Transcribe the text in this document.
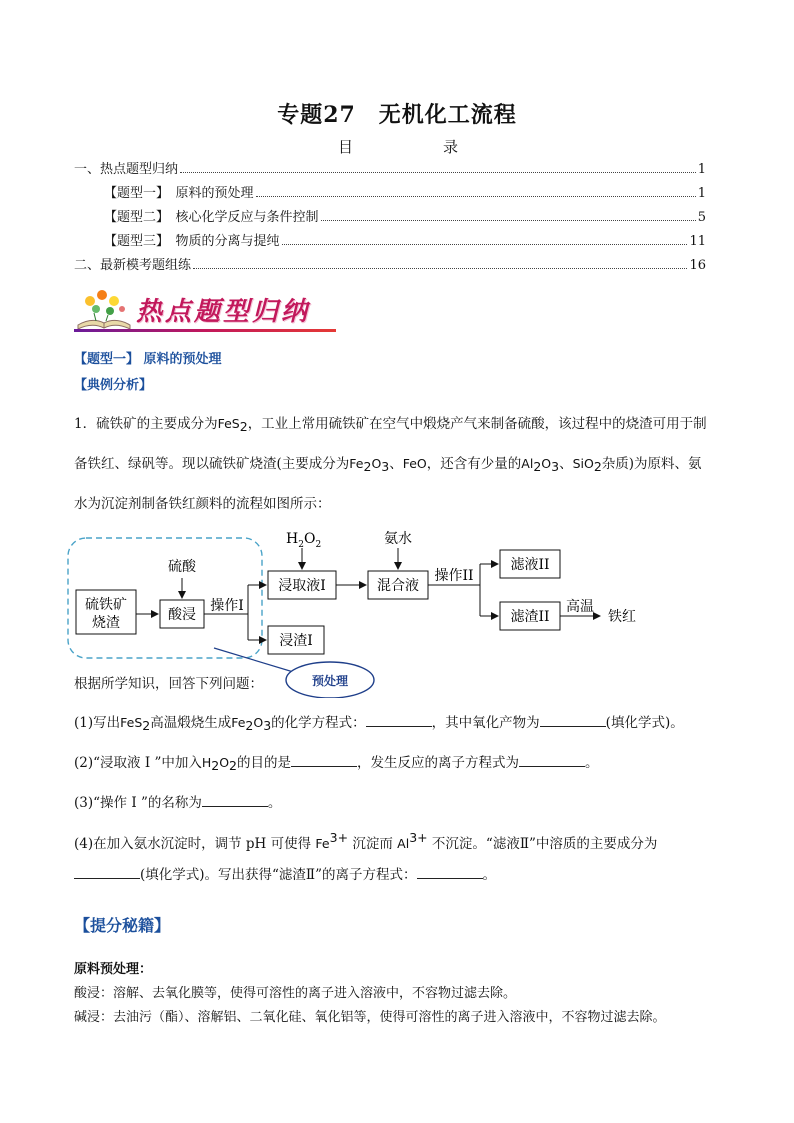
专题27　无机化工流程
目	录
一、热点题型归纳	1
【题型一】　原料的预处理	1
【题型二】　核心化学反应与条件控制	5
【题型三】　物质的分离与提纯	11
二、最新模考题组练	16
热点题型归纳
【题型一】 原料的预处理
【典例分析】
1．硫铁矿的主要成分为FeS2，工业上常用硫铁矿在空气中煅烧产气来制备硫酸，该过程中的烧渣可用于制
备铁红、绿矾等。现以硫铁矿烧渣(主要成分为Fe2O3、FeO，还含有少量的Al2O3、SiO2杂质)为原料、氨
水为沉淀剂制备铁红颜料的流程如图所示：
硫铁矿
烧渣	酸浸
硫酸
操作I
浸取液I
浸渣I
$H_2O_2$	氨水
混合液
操作II
滤液II
滤渣II
高温
铁红
预处理
根据所学知识，回答下列问题：
(1)写出FeS2高温煅烧生成Fe2O3的化学方程式：	，其中氧化产物为	(填化学式)。
(2)“浸取液 I ”中加入H2O2的目的是	，发生反应的离子方程式为	。
(3)“操作 I ”的名称为	。
(4)在加入氨水沉淀时，调节 pH 可使得 Fe3+ 沉淀而 Al3+ 不沉淀。“滤液Ⅱ”中溶质的主要成分为
(填化学式)。写出获得“滤渣Ⅱ”的离子方程式：	。
【提分秘籍】
原料预处理：
酸浸：溶解、去氧化膜等，使得可溶性的离子进入溶液中，不容物过滤去除。
碱浸：去油污（酯）、溶解铝、二氧化硅、氧化铝等，使得可溶性的离子进入溶液中，不容物过滤去除。
